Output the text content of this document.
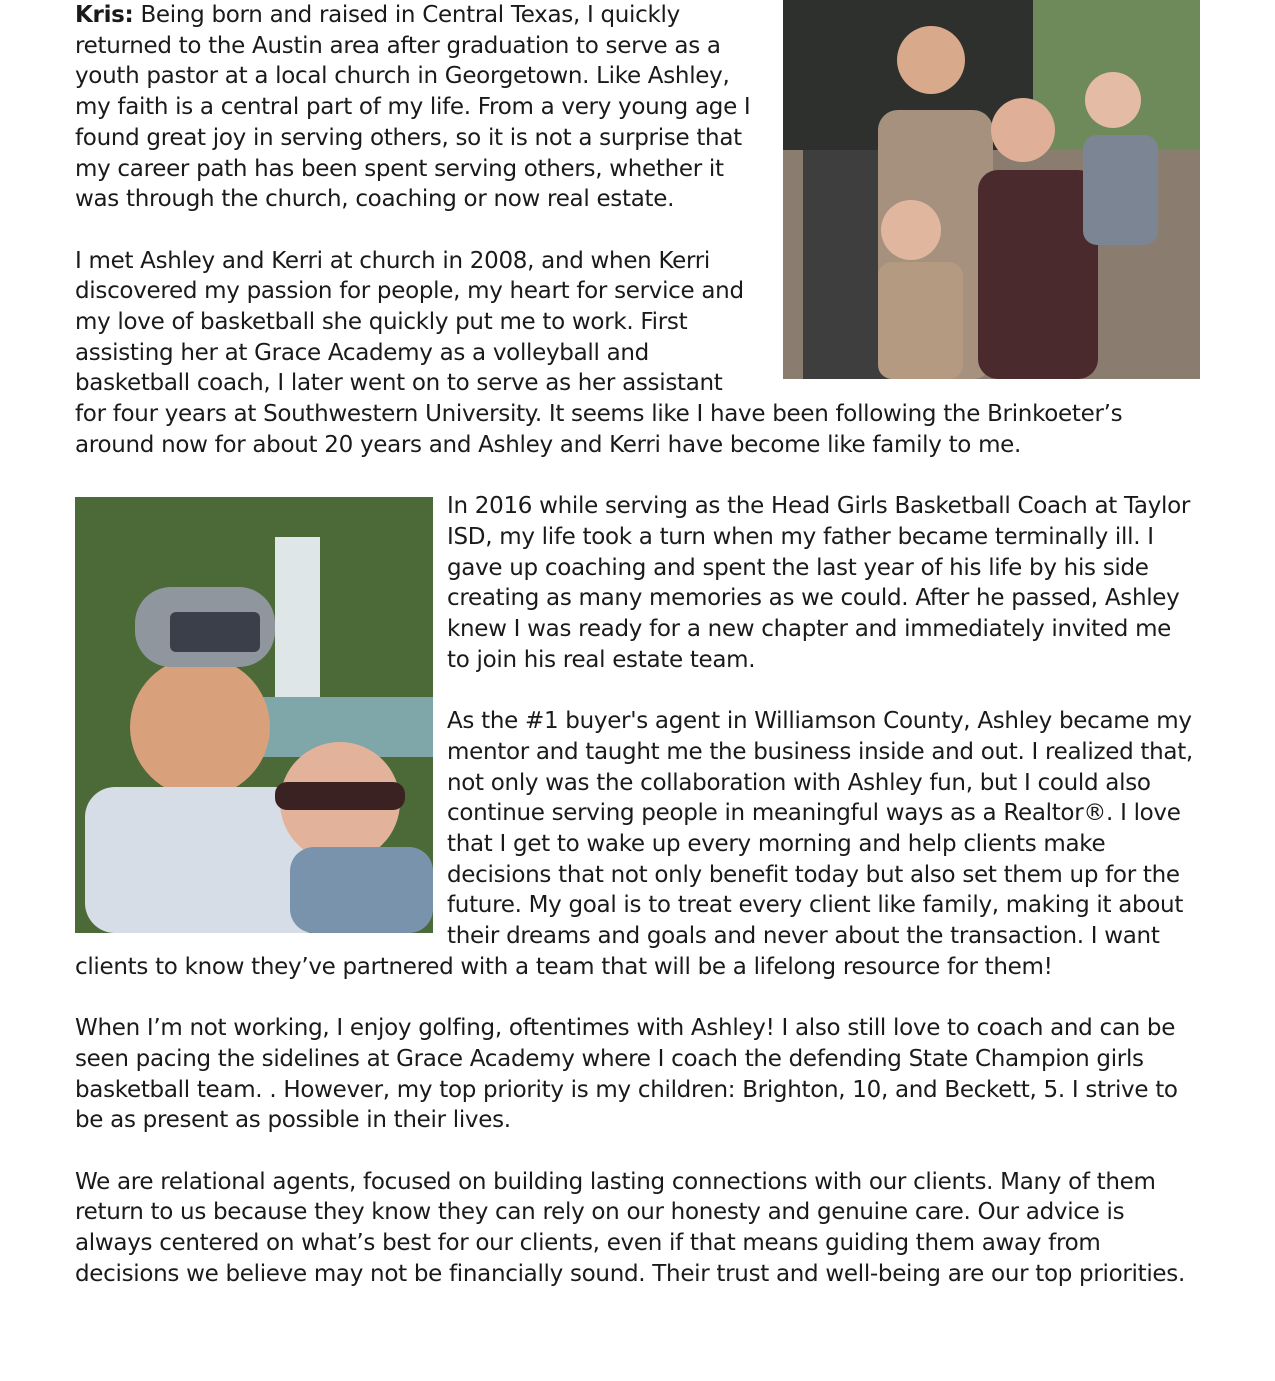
Kris: Being born and raised in Central Texas, I quickly returned to the Austin area after graduation to serve as a youth pastor at a local church in Georgetown. Like Ashley, my faith is a central part of my life. From a very young age I found great joy in serving others, so it is not a surprise that my career path has been spent serving others, whether it was through the church, coaching or now real estate.

I met Ashley and Kerri at church in 2008, and when Kerri discovered my passion for people, my heart for service and my love of basketball she quickly put me to work. First assisting her at Grace Academy as a volleyball and basketball coach, I later went on to serve as her assistant for four years at Southwestern University. It seems like I have been following the Brinkoeter’s around now for about 20 years and Ashley and Kerri have become like family to me.

In 2016 while serving as the Head Girls Basketball Coach at Taylor ISD, my life took a turn when my father became terminally ill. I gave up coaching and spent the last year of his life by his side creating as many memories as we could. After he passed, Ashley knew I was ready for a new chapter and immediately invited me to join his real estate team.

As the #1 buyer's agent in Williamson County, Ashley became my mentor and taught me the business inside and out. I realized that, not only was the collaboration with Ashley fun, but I could also continue serving people in meaningful ways as a Realtor®. I love that I get to wake up every morning and help clients make decisions that not only benefit today but also set them up for the future. My goal is to treat every client like family, making it about their dreams and goals and never about the transaction. I want clients to know they’ve partnered with a team that will be a lifelong resource for them!

When I’m not working, I enjoy golfing, oftentimes with Ashley! I also still love to coach and can be seen pacing the sidelines at Grace Academy where I coach the defending State Champion girls basketball team. . However, my top priority is my children: Brighton, 10, and Beckett, 5. I strive to be as present as possible in their lives.

We are relational agents, focused on building lasting connections with our clients. Many of them return to us because they know they can rely on our honesty and genuine care. Our advice is always centered on what’s best for our clients, even if that means guiding them away from decisions we believe may not be financially sound. Their trust and well-being are our top priorities.
